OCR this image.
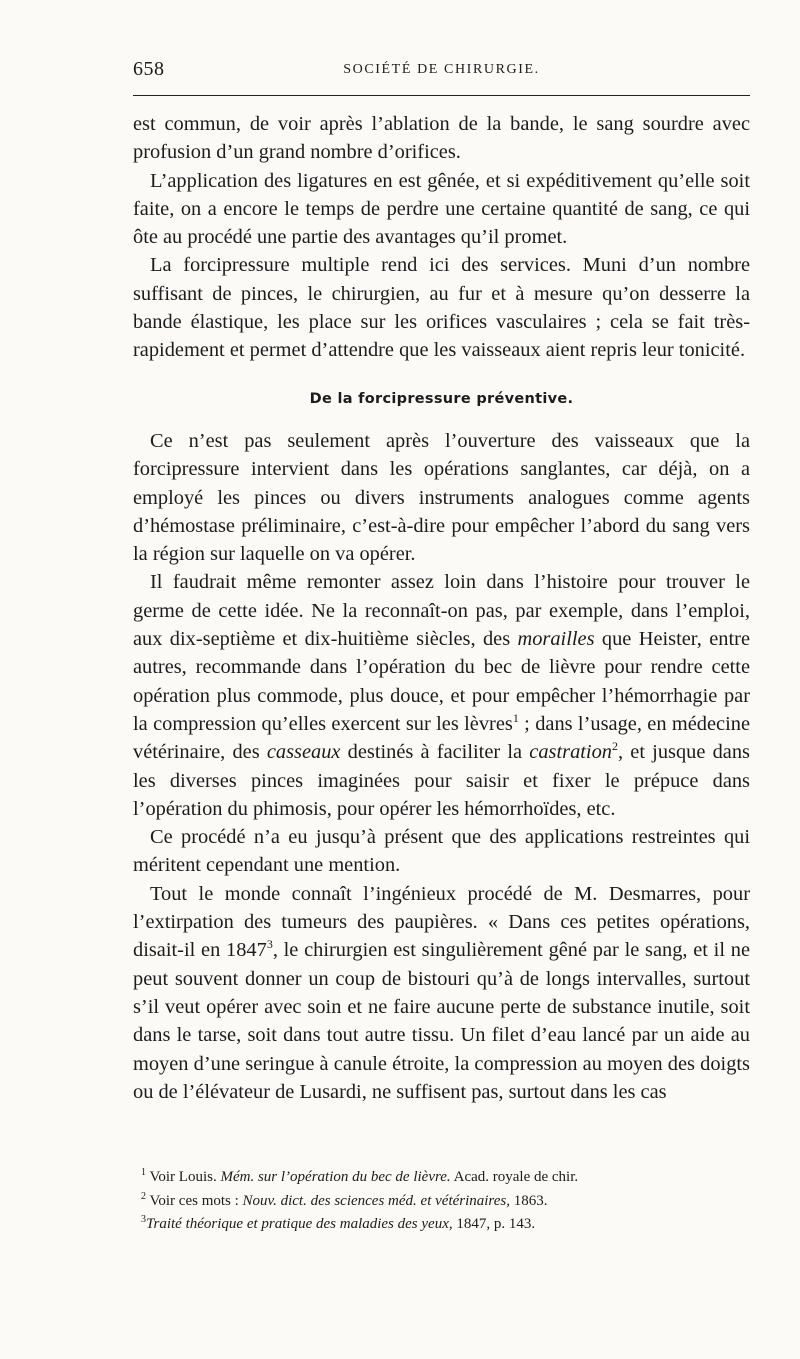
658	SOCIÉTÉ DE CHIRURGIE.

est commun, de voir après l’ablation de la bande, le sang sourdre avec profusion d’un grand nombre d’orifices.

L’application des ligatures en est gênée, et si expéditivement qu’elle soit faite, on a encore le temps de perdre une certaine quantité de sang, ce qui ôte au procédé une partie des avantages qu’il promet.

La forcipressure multiple rend ici des services. Muni d’un nombre suffisant de pinces, le chirurgien, au fur et à mesure qu’on desserre la bande élastique, les place sur les orifices vasculaires ; cela se fait très-rapidement et permet d’attendre que les vaisseaux aient repris leur tonicité.

De la forcipressure préventive.

Ce n’est pas seulement après l’ouverture des vaisseaux que la forcipressure intervient dans les opérations sanglantes, car déjà, on a employé les pinces ou divers instruments analogues comme agents d’hémostase préliminaire, c’est-à-dire pour empêcher l’abord du sang vers la région sur laquelle on va opérer.

Il faudrait même remonter assez loin dans l’histoire pour trouver le germe de cette idée. Ne la reconnaît-on pas, par exemple, dans l’emploi, aux dix-septième et dix-huitième siècles, des morailles que Heister, entre autres, recommande dans l’opération du bec de lièvre pour rendre cette opération plus commode, plus douce, et pour empêcher l’hémorrhagie par la compression qu’elles exercent sur les lèvres$^1$ ; dans l’usage, en médecine vétérinaire, des casseaux destinés à faciliter la castration$^2$, et jusque dans les diverses pinces imaginées pour saisir et fixer le prépuce dans l’opération du phimosis, pour opérer les hémorrhoïdes, etc.

Ce procédé n’a eu jusqu’à présent que des applications restreintes qui méritent cependant une mention.

Tout le monde connaît l’ingénieux procédé de M. Desmarres, pour l’extirpation des tumeurs des paupières. « Dans ces petites opérations, disait-il en 1847$^3$, le chirurgien est singulièrement gêné par le sang, et il ne peut souvent donner un coup de bistouri qu’à de longs intervalles, surtout s’il veut opérer avec soin et ne faire aucune perte de substance inutile, soit dans le tarse, soit dans tout autre tissu. Un filet d’eau lancé par un aide au moyen d’une seringue à canule étroite, la compression au moyen des doigts ou de l’élévateur de Lusardi, ne suffisent pas, surtout dans les cas

$^1$ Voir Louis. Mém. sur l’opération du bec de lièvre. Acad. royale de chir.
$^2$ Voir ces mots : Nouv. dict. des sciences méd. et vétérinaires, 1863.
$^3$Traité théorique et pratique des maladies des yeux, 1847, p. 143.
